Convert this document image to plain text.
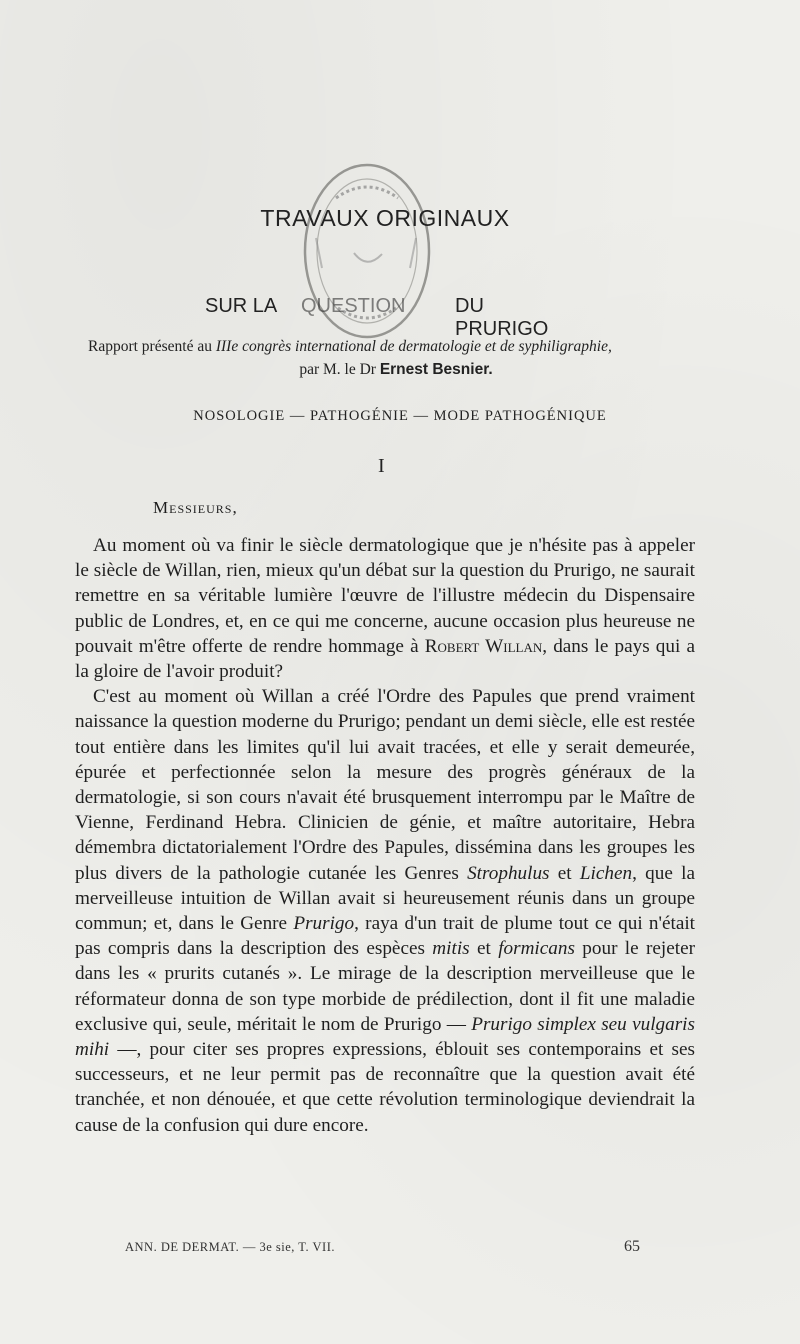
TRAVAUX ORIGINAUX
SUR LA	DU PRURIGO
QUESTION
Rapport présenté au IIIe congrès international de dermatologie et de syphiligraphie,
par M. le Dr Ernest Besnier.
NOSOLOGIE — PATHOGÉNIE — MODE PATHOGÉNIQUE
I
Messieurs,

Au moment où va finir le siècle dermatologique que je n'hésite pas à appeler le siècle de Willan, rien, mieux qu'un débat sur la question du Prurigo, ne saurait remettre en sa véritable lumière l'œuvre de l'illustre médecin du Dispensaire public de Londres, et, en ce qui me concerne, aucune occasion plus heureuse ne pouvait m'être offerte de rendre hommage à Robert Willan, dans le pays qui a la gloire de l'avoir produit?

C'est au moment où Willan a créé l'Ordre des Papules que prend vraiment naissance la question moderne du Prurigo; pendant un demi siècle, elle est restée tout entière dans les limites qu'il lui avait tracées, et elle y serait demeurée, épurée et perfectionnée selon la mesure des progrès généraux de la dermatologie, si son cours n'avait été brusquement interrompu par le Maître de Vienne, Ferdinand Hebra. Clinicien de génie, et maître autoritaire, Hebra démembra dictatorialement l'Ordre des Papules, dissémina dans les groupes les plus divers de la pathologie cutanée les Genres Strophulus et Lichen, que la merveilleuse intuition de Willan avait si heureusement réunis dans un groupe commun; et, dans le Genre Prurigo, raya d'un trait de plume tout ce qui n'était pas compris dans la description des espèces mitis et formicans pour le rejeter dans les « prurits cutanés ». Le mirage de la description merveilleuse que le réformateur donna de son type morbide de prédilection, dont il fit une maladie exclusive qui, seule, méritait le nom de Prurigo — Prurigo simplex seu vulgaris mihi —, pour citer ses propres expressions, éblouit ses contemporains et ses successeurs, et ne leur permit pas de reconnaître que la question avait été tranchée, et non dénouée, et que cette révolution terminologique deviendrait la cause de la confusion qui dure encore.

ANN. DE DERMAT. — 3e sie, T. VII.	65
